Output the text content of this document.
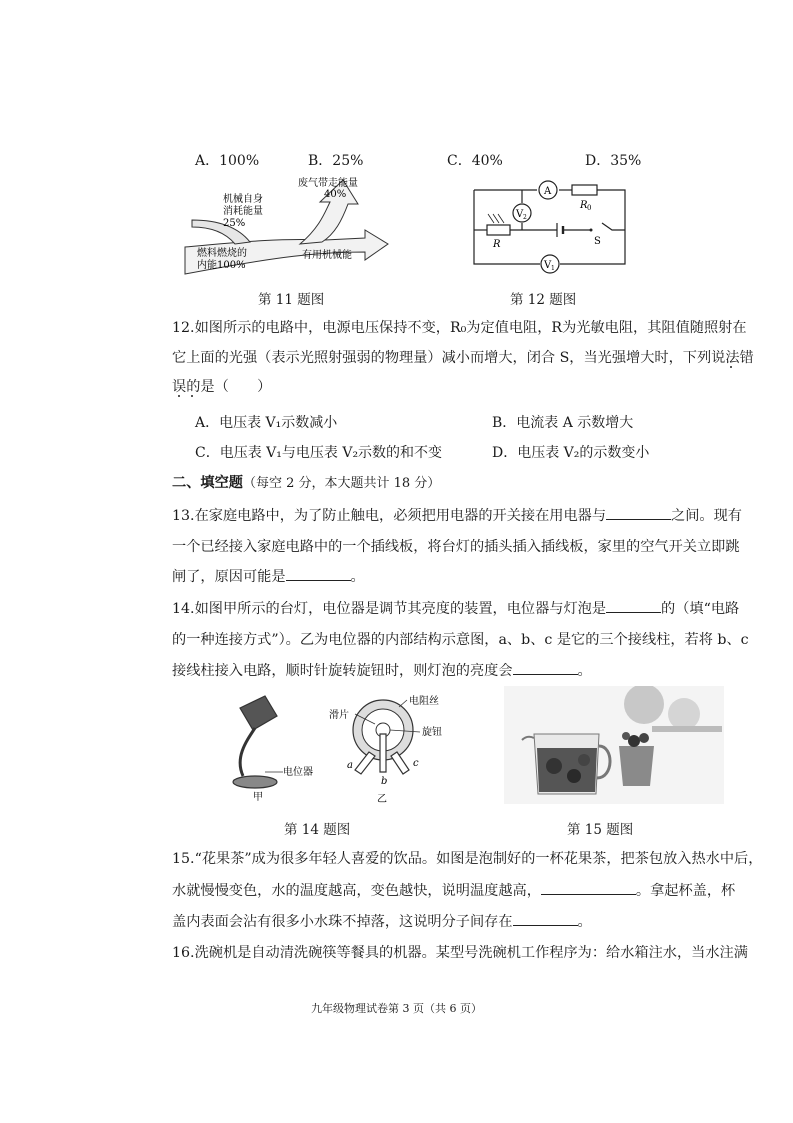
A．100%	B．25%	C．40%	D．35%
废气带走能量
40%
机械自身
消耗能量
25%
燃料燃烧的
内能100%
有用机械能
第 11 题图
A
R 0
V 2
R	S
V 1
第 12 题图
12.如图所示的电路中，电源电压保持不变，R₀为定值电阻，R为光敏电阻，其阻值随照射在
它上面的光强（表示光照射强弱的物理量）减小而增大，闭合 S，当光强增大时，下列说法错
误的是（　　）
A．电压表 V₁示数减小	B．电流表 A 示数增大
C．电压表 V₁与电压表 V₂示数的和不变	D．电压表 V₂的示数变小
二、填空题（每空 2 分，本大题共计 18 分）
13.在家庭电路中，为了防止触电，必须把用电器的开关接在用电器与	之间。现有
一个已经接入家庭电路中的一个插线板，将台灯的插头插入插线板，家里的空气开关立即跳
闸了，原因可能是	。
14.如图甲所示的台灯，电位器是调节其亮度的装置，电位器与灯泡是	的（填“电路
的一种连接方式”）。乙为电位器的内部结构示意图，a、b、c 是它的三个接线柱，若将 b、c
接线柱接入电路，顺时针旋转旋钮时，则灯泡的亮度会	。
电位器
甲
滑片
电阻丝
旋钮
a
b
c
乙
第 14 题图	第 15 题图
15.“花果茶”成为很多年轻人喜爱的饮品。如图是泡制好的一杯花果茶，把茶包放入热水中后，
水就慢慢变色，水的温度越高，变色越快，说明温度越高，	。拿起杯盖，杯
盖内表面会沾有很多小水珠不掉落，这说明分子间存在	。
16.洗碗机是自动清洗碗筷等餐具的机器。某型号洗碗机工作程序为：给水箱注水，当水注满
九年级物理试卷第 3 页（共 6 页）
